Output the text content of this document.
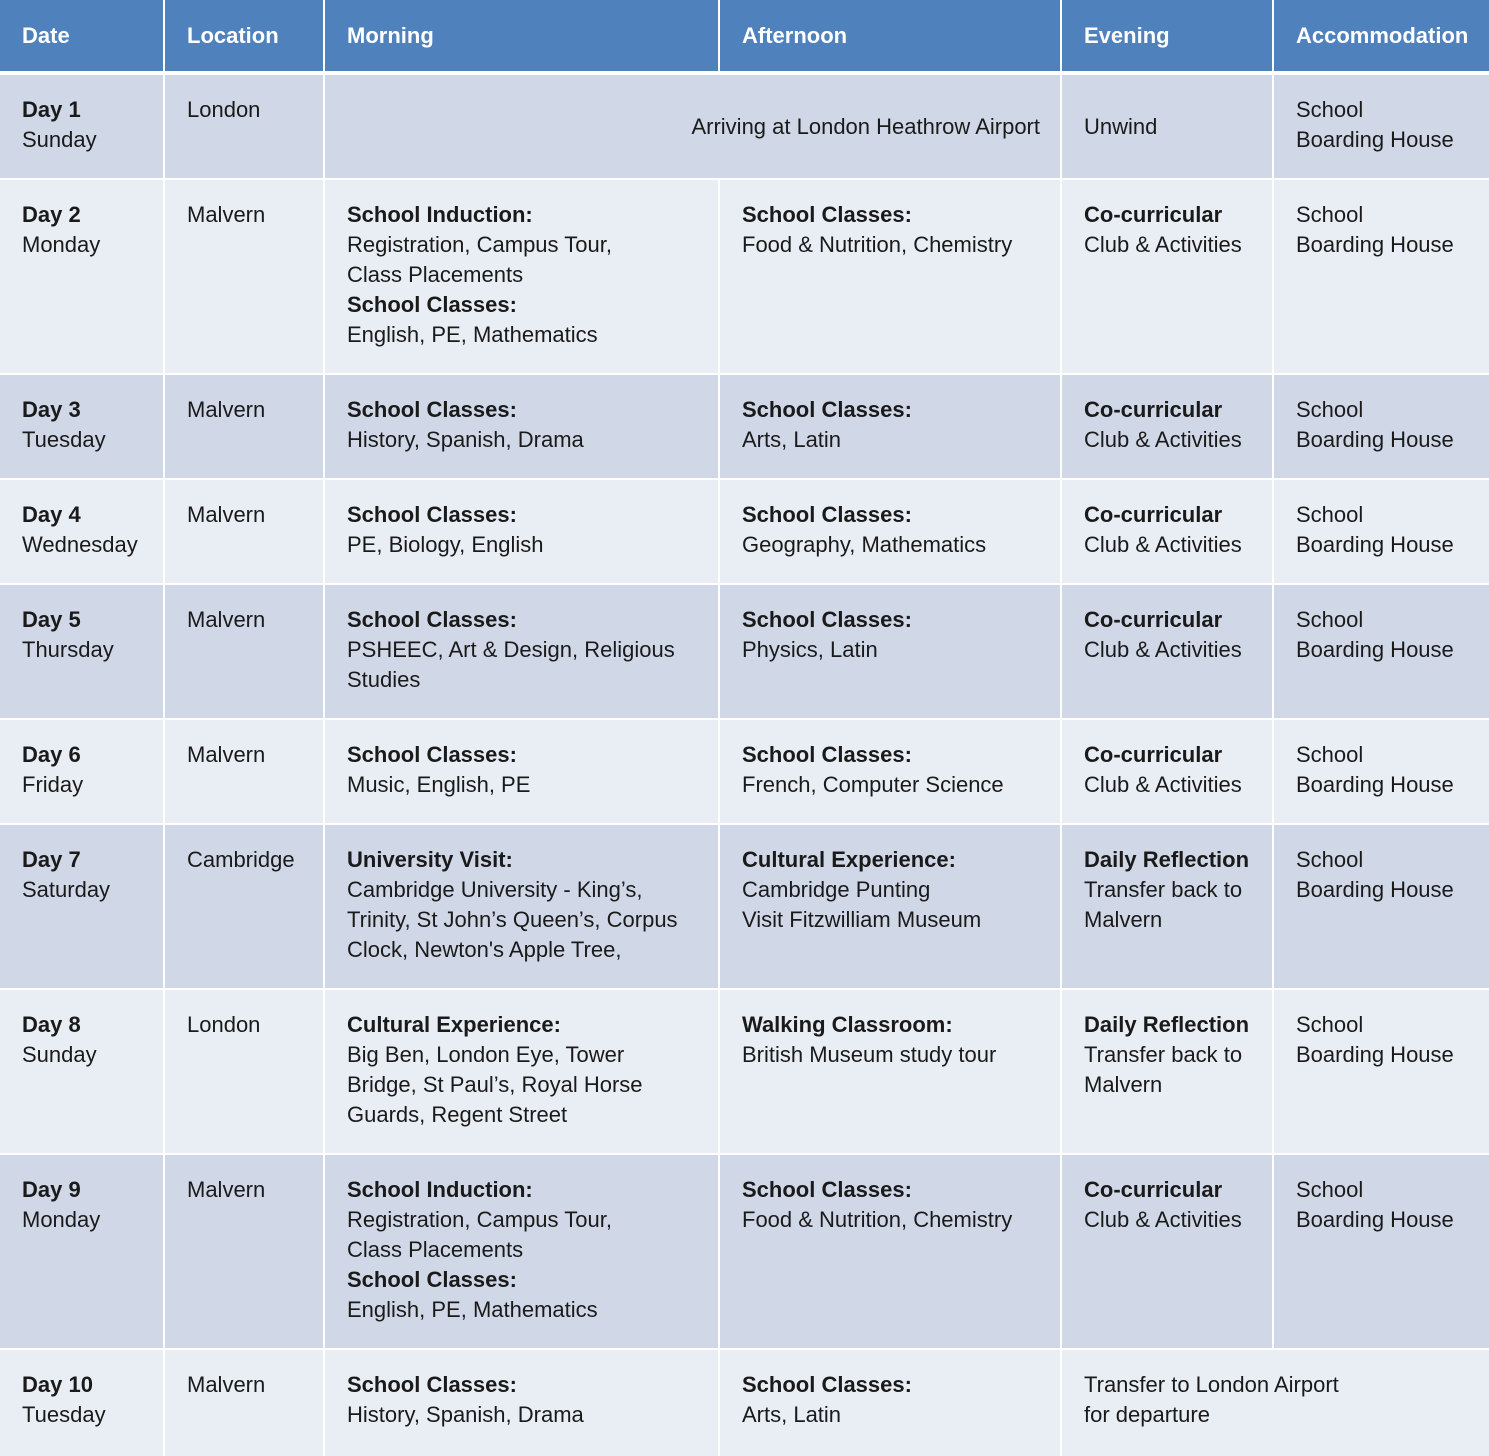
Date	Location	Morning	Afternoon	Evening	Accommodation

Day 1
Sunday	London	Arriving at London Heathrow Airport		Unwind	School
Boarding House

Day 2
Monday	Malvern	School Induction:
Registration, Campus Tour,
Class Placements
School Classes:
English, PE, Mathematics	School Classes:
Food & Nutrition, Chemistry	Co-curricular
Club & Activities	School
Boarding House

Day 3
Tuesday	Malvern	School Classes:
History, Spanish, Drama	School Classes:
Arts, Latin	Co-curricular
Club & Activities	School
Boarding House

Day 4
Wednesday	Malvern	School Classes:
PE, Biology, English	School Classes:
Geography, Mathematics	Co-curricular
Club & Activities	School
Boarding House

Day 5
Thursday	Malvern	School Classes:
PSHEEC, Art & Design, Religious
Studies	School Classes:
Physics, Latin	Co-curricular
Club & Activities	School
Boarding House

Day 6
Friday	Malvern	School Classes:
Music, English, PE	School Classes:
French, Computer Science	Co-curricular
Club & Activities	School
Boarding House

Day 7
Saturday	Cambridge	University Visit:
Cambridge University - King’s,
Trinity, St John’s Queen’s, Corpus
Clock, Newton's Apple Tree,	Cultural Experience:
Cambridge Punting
Visit Fitzwilliam Museum	Daily Reflection
Transfer back to
Malvern	School
Boarding House

Day 8
Sunday	London	Cultural Experience:
Big Ben, London Eye, Tower
Bridge, St Paul’s, Royal Horse
Guards, Regent Street	Walking Classroom:
British Museum study tour	Daily Reflection
Transfer back to
Malvern	School
Boarding House

Day 9
Monday	Malvern	School Induction:
Registration, Campus Tour,
Class Placements
School Classes:
English, PE, Mathematics	School Classes:
Food & Nutrition, Chemistry	Co-curricular
Club & Activities	School
Boarding House

Day 10
Tuesday	Malvern	School Classes:
History, Spanish, Drama	School Classes:
Arts, Latin	Transfer to London Airport
for departure	
